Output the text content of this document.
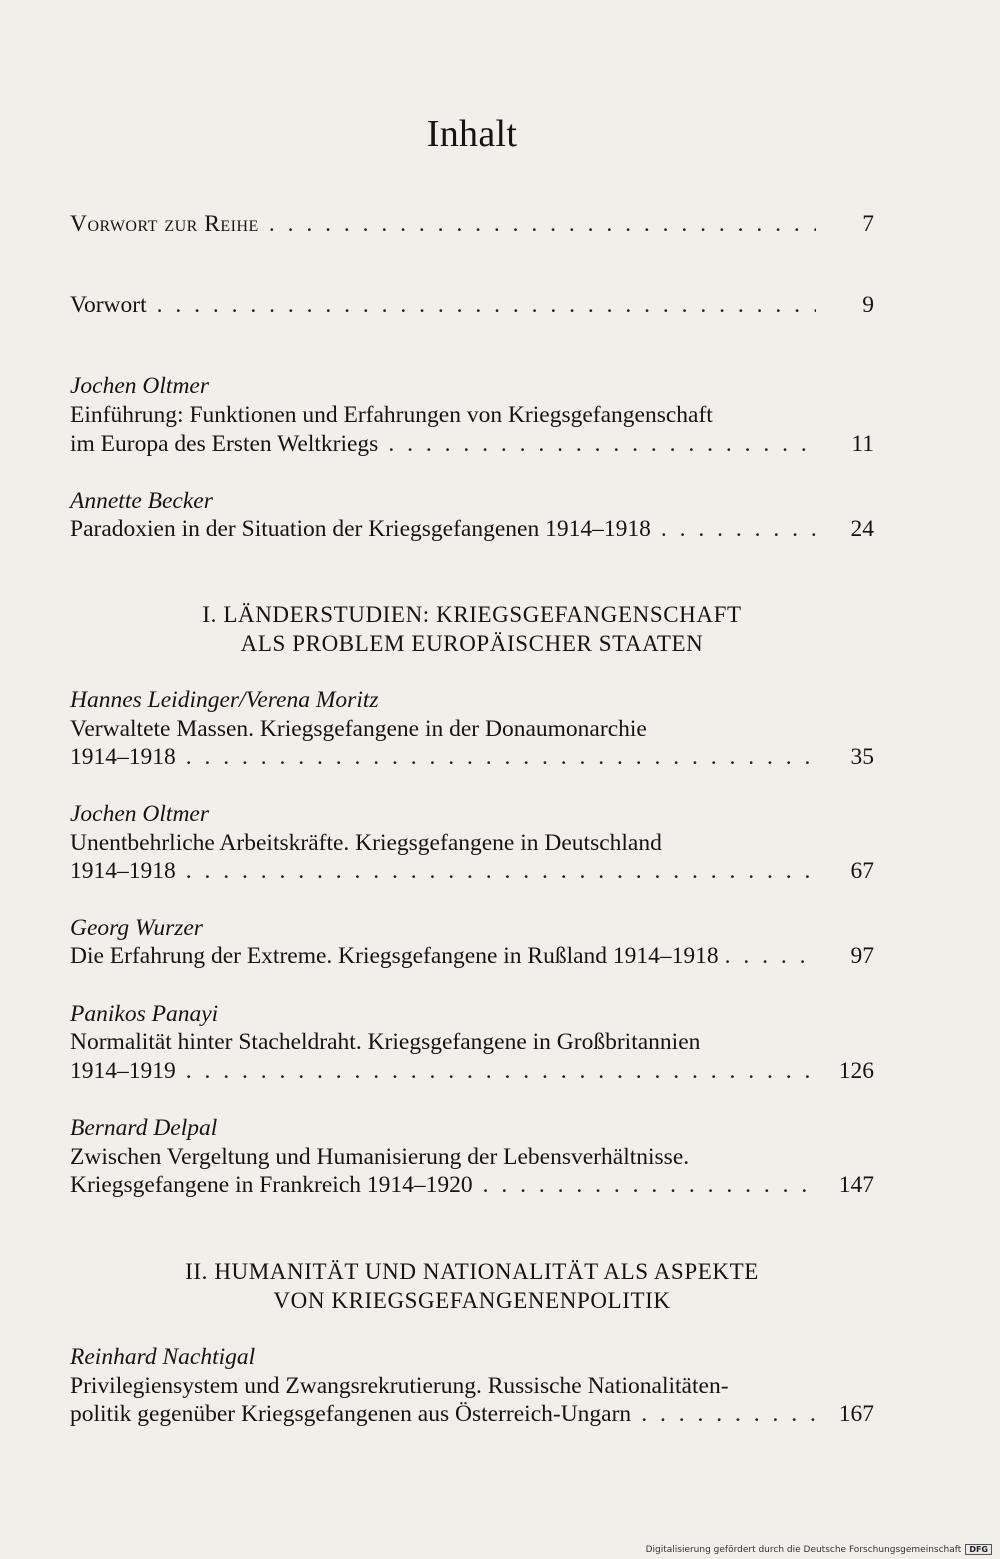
Inhalt
Vorwort zur Reihe . . .	7
Vorwort . . .	9
Jochen Oltmer
Einführung: Funktionen und Erfahrungen von Kriegsgefangenschaft
im Europa des Ersten Weltkriegs . . .	11
Annette Becker
Paradoxien in der Situation der Kriegsgefangenen 1914–1918 . . .	24
I. LÄNDERSTUDIEN: KRIEGSGEFANGENSCHAFT
ALS PROBLEM EUROPÄISCHER STAATEN
Hannes Leidinger/Verena Moritz
Verwaltete Massen. Kriegsgefangene in der Donaumonarchie
1914–1918 . . .	35
Jochen Oltmer
Unentbehrliche Arbeitskräfte. Kriegsgefangene in Deutschland
1914–1918 . . .	67
Georg Wurzer
Die Erfahrung der Extreme. Kriegsgefangene in Rußland 1914–1918 . . .	97
Panikos Panayi
Normalität hinter Stacheldraht. Kriegsgefangene in Großbritannien
1914–1919 . . .	126
Bernard Delpal
Zwischen Vergeltung und Humanisierung der Lebensverhältnisse.
Kriegsgefangene in Frankreich 1914–1920 . . .	147
II. HUMANITÄT UND NATIONALITÄT ALS ASPEKTE
VON KRIEGSGEFANGENENPOLITIK
Reinhard Nachtigal
Privilegiensystem und Zwangsrekrutierung. Russische Nationalitäten-
politik gegenüber Kriegsgefangenen aus Österreich-Ungarn . . .	167
Digitalisierung gefördert durch die Deutsche Forschungsgemeinschaft	DFG
